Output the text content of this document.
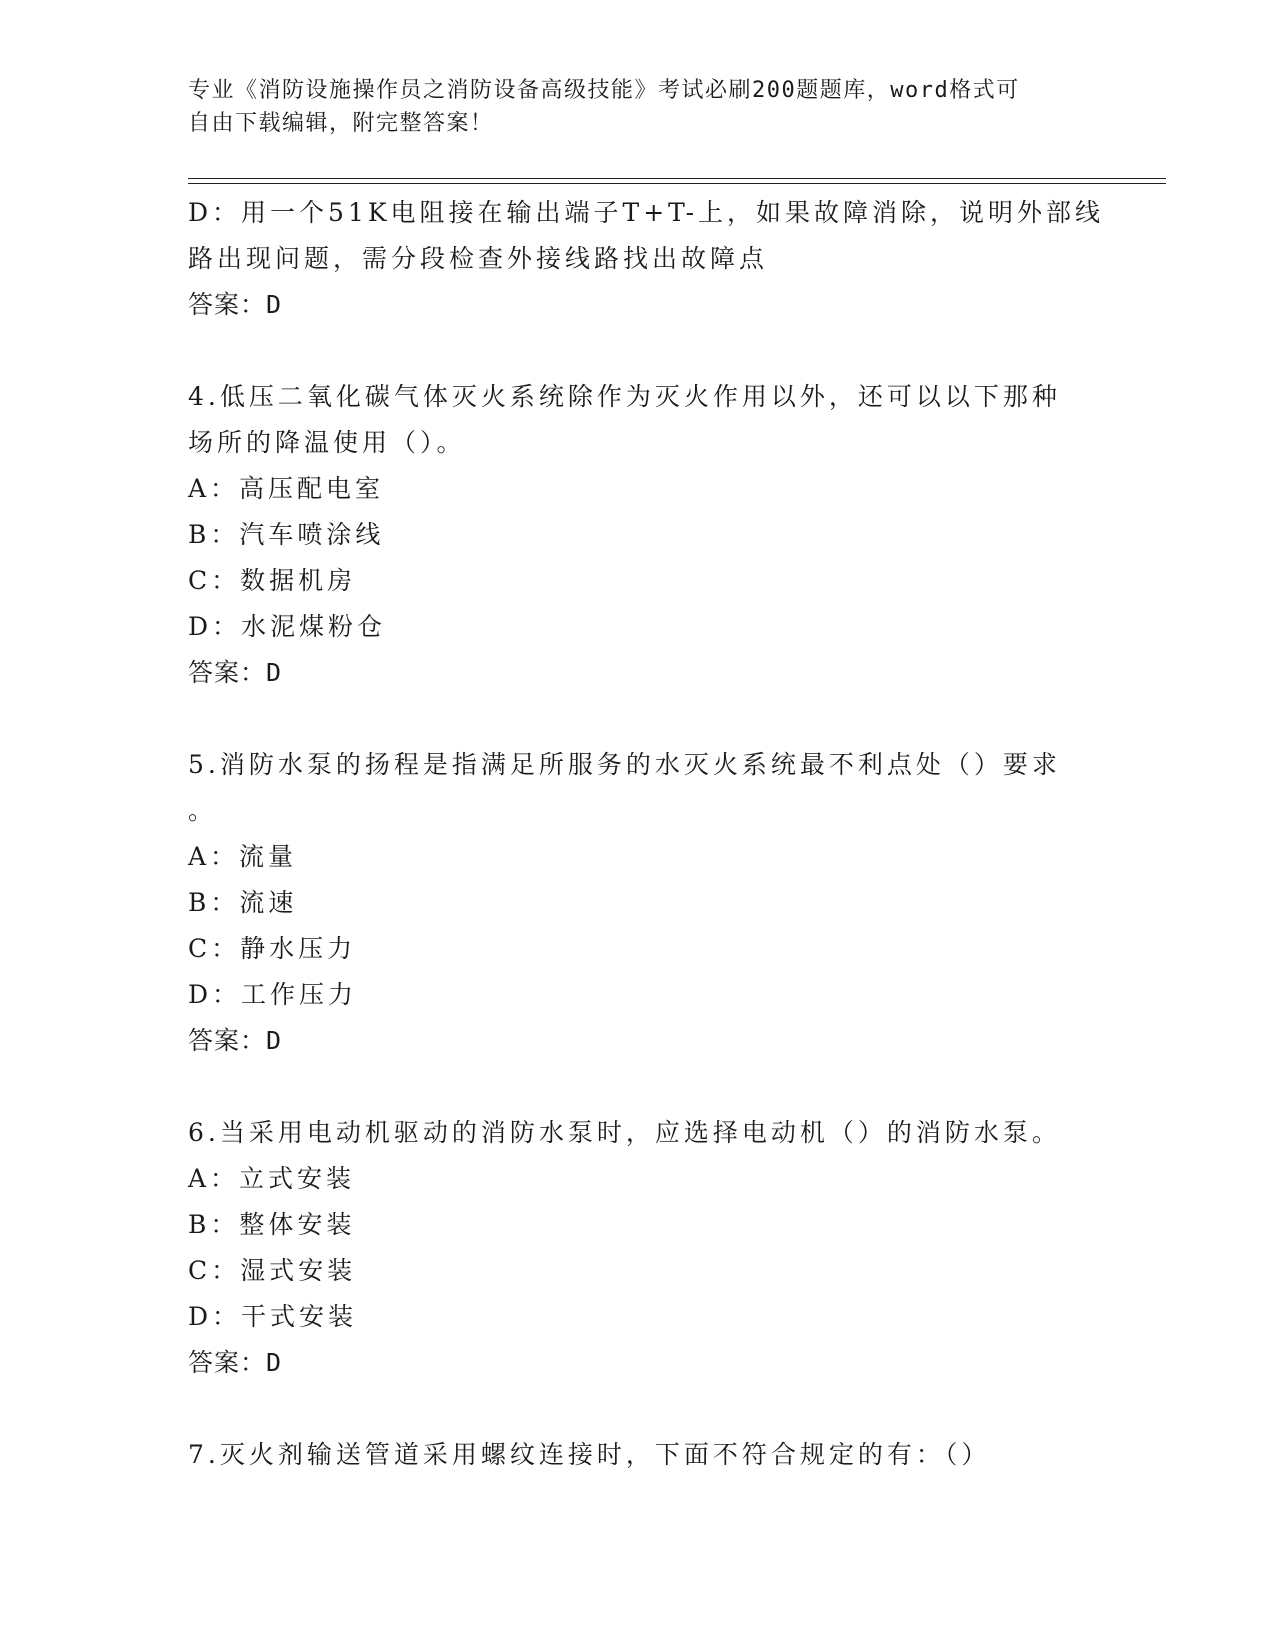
专业《消防设施操作员之消防设备高级技能》考试必刷200题题库，word格式可
自由下载编辑，附完整答案！
D：用一个51K电阻接在输出端子T+T-上，如果故障消除，说明外部线
路出现问题，需分段检查外接线路找出故障点
答案：D
4.低压二氧化碳气体灭火系统除作为灭火作用以外，还可以以下那种
场所的降温使用（）。
A：高压配电室
B：汽车喷涂线
C：数据机房
D：水泥煤粉仓
答案：D
5.消防水泵的扬程是指满足所服务的水灭火系统最不利点处（）要求
。
A：流量
B：流速
C：静水压力
D：工作压力
答案：D
6.当采用电动机驱动的消防水泵时，应选择电动机（）的消防水泵。
A：立式安装
B：整体安装
C：湿式安装
D：干式安装
答案：D
7.灭火剂输送管道采用螺纹连接时，下面不符合规定的有：（）
